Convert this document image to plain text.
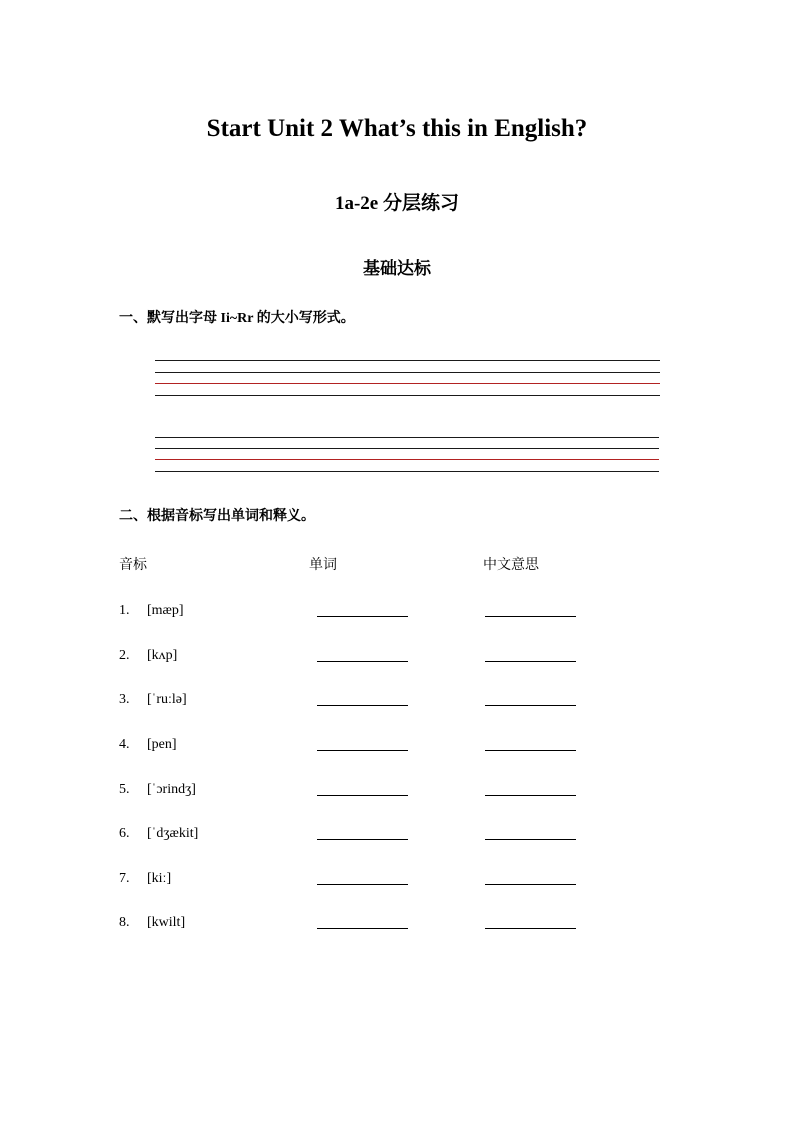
Start Unit 2 What’s this in English?
1a-2e 分层练习
基础达标
一、默写出字母 Ii~Rr 的大小写形式。
二、根据音标写出单词和释义。
音标	单词	中文意思
1. [mæp]
2. [kʌp]
3. [ˈruːlə]
4. [pen]
5. [ˈɔrindʒ]
6. [ˈdʒækit]
7. [kiː]
8. [kwilt]
